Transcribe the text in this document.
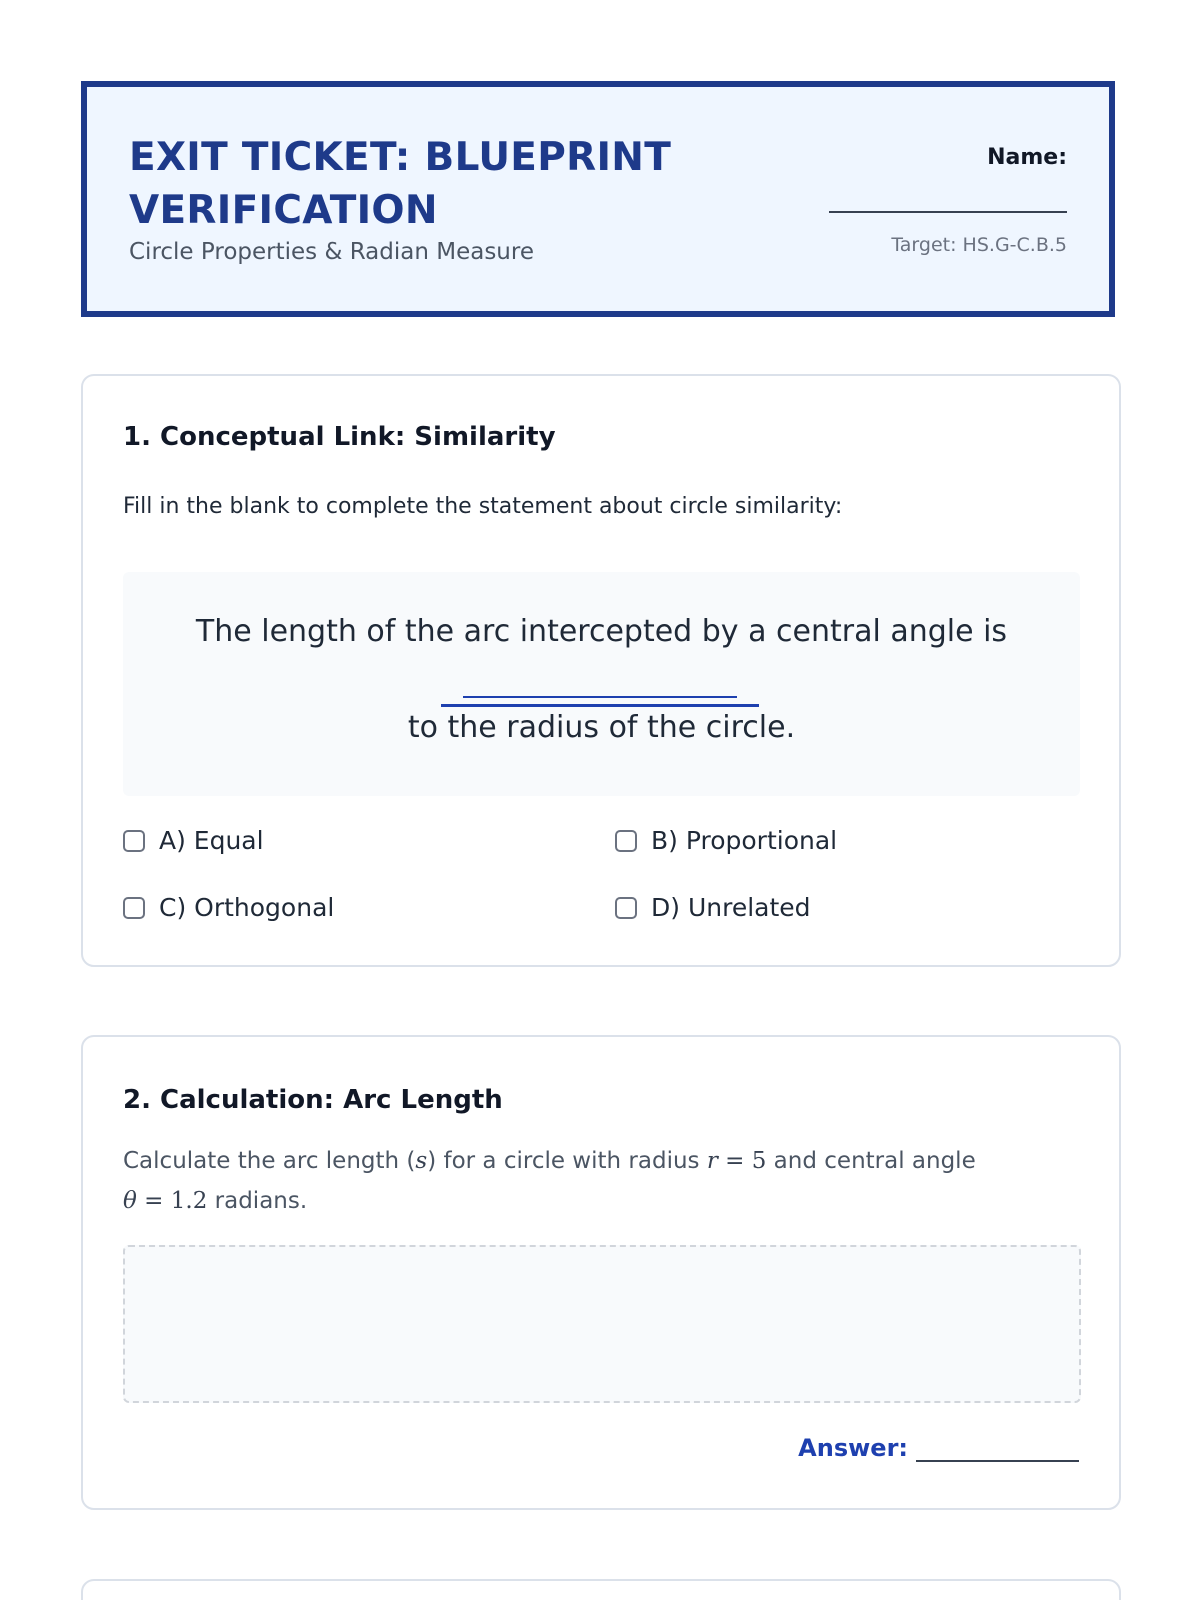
EXIT TICKET: BLUEPRINT VERIFICATION
Circle Properties & Radian Measure
Name:
Target: HS.G-C.B.5
1. Conceptual Link: Similarity
Fill in the blank to complete the statement about circle similarity:
The length of the arc intercepted by a central angle is
to the radius of the circle.
A) Equal	B) Proportional
C) Orthogonal	D) Unrelated
2. Calculation: Arc Length
Calculate the arc length (s) for a circle with radius r = 5 and central angle
θ = 1.2 radians.
Answer:
